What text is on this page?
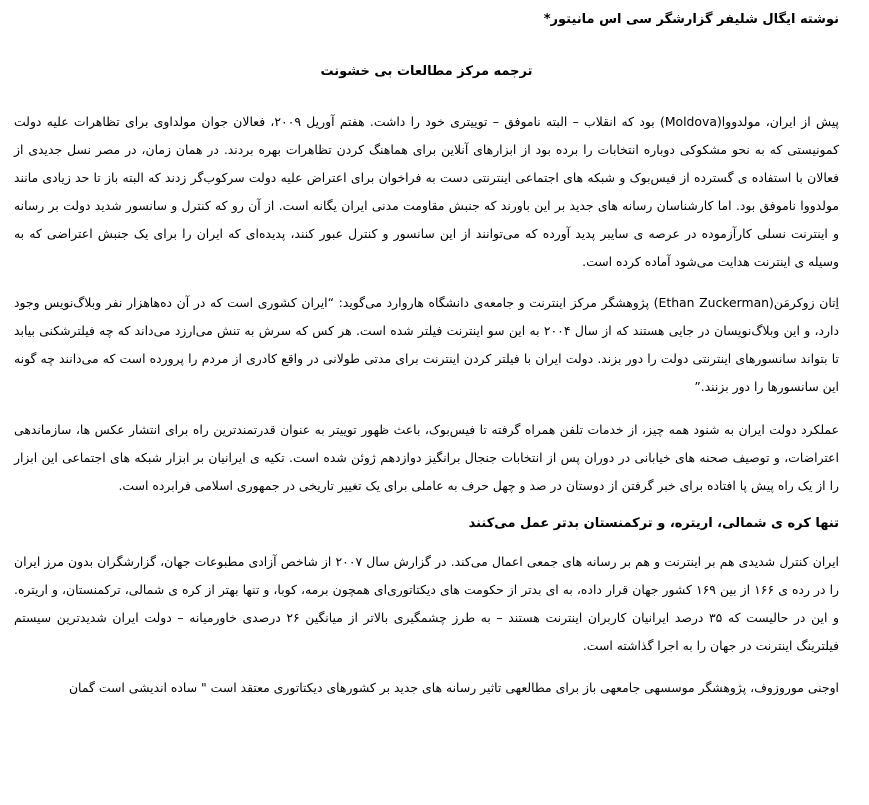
نوشته ایگال شلیفر گزارشگر سی اس مانیتور*

ترجمه مرکز مطالعات بی خشونت

پیش از ایران، مولدووا(Moldova) بود که انقلاب – البته ناموفق – توییتری خود را داشت. هفتم آوریل ۲۰۰۹، فعالان جوان مولداوی برای تظاهرات علیه دولت کمونیستی که به نحو مشکوکی دوباره انتخابات را برده بود از ابزارهای آنلاین برای هماهنگ کردن تظاهرات بهره بردند. در همان زمان، در مصر نسل جدیدی از فعالان با استفاده ی گسترده از فیس‌بوک و شبکه های اجتماعی اینترنتی دست به فراخوان برای اعتراض علیه دولت سرکوب‌گر زدند که البته باز تا حد زیادی مانند مولدووا ناموفق بود. اما کارشناسان رسانه های جدید بر این باورند که جنبش مقاومت مدنی ایران یگانه است. از آن رو که کنترل و سانسور شدید دولت بر رسانه و اینترنت نسلی کارآزموده در عرصه ی سایبر پدید آورده که می‌توانند از این سانسور و کنترل عبور کنند، پدیده‌ای که ایران را برای یک جنبش اعتراضی که به وسیله ی اینترنت هدایت می‌شود آماده کرده است.

اِتان زوکرمَن(Ethan Zuckerman) پژوهشگر مرکز اینترنت و جامعه‌ی دانشگاه هاروارد می‌گوید: “ایران کشوری است که در آن ده‌ها‌هزار نفر وبلاگ‌نویس وجود دارد، و این وبلاگ‌نویسان در جایی هستند که از سال ۲۰۰۴ به این سو اینترنت فیلتر شده است. هر کس که سرش به تنش می‌ارزد می‌داند که چه فیلترشکنی بیابد تا بتواند سانسورهای اینترنتی دولت را دور بزند. دولت ایران با فیلتر کردن اینترنت برای مدتی طولانی در واقع کادری از مردم را پرورده است که می‌دانند چه گونه این سانسورها را دور بزنند.”

عملکرد دولت ایران به شنود همه چیز، از خدمات تلفن همراه گرفته تا فیس‌بوک، باعث ظهور توییتر به عنوان قدرتمندترین راه برای انتشار عکس ها، سازماندهی اعتراضات، و توصیف صحنه های خیابانی در دوران پس از انتخابات جنجال برانگیز دوازدهم ژوئن شده است. تکیه ی ایرانیان بر ابزار شبکه های اجتماعی این ابزار را از یک راه پیش پا افتاده برای خبر گرفتن از دوستان در صد و چهل حرف به عاملی برای یک تغییر تاریخی در جمهوری اسلامی فرابرده است.

تنها کره ی شمالی، اریتره، و ترکمنستان بدتر عمل می‌کنند

ایران کنترل شدیدی هم بر اینترنت و هم بر رسانه های جمعی اعمال می‌کند. در گزارش سال ۲۰۰۷ از شاخص آزادی مطبوعات جهان، گزارشگران بدون مرز ایران را در رده ی ۱۶۶ از بین ۱۶۹ کشور جهان قرار داده،‌ به ای بدتر از حکومت های دیکتاتوری‌ای همچون برمه، کوبا، و تنها بهتر از کره ی شمالی، ترکمنستان، و اریتره. و این در حالیست که ۳۵ درصد ایرانیان کاربران اینترنت هستند – به طرز چشمگیری بالاتر از میانگین ۲۶ درصدی خاورمیانه – دولت ایران شدیدترین سیستم فیلترینگ اینترنت در جهان را به اجرا گذاشته است.

اوجنی موروزوف، پژوهشگر موسسهی جامعهی باز برای مطالعهی تاثیر رسانه های جدید بر کشورهای دیکتاتوری معتقد است " ساده اندیشی است گمان
